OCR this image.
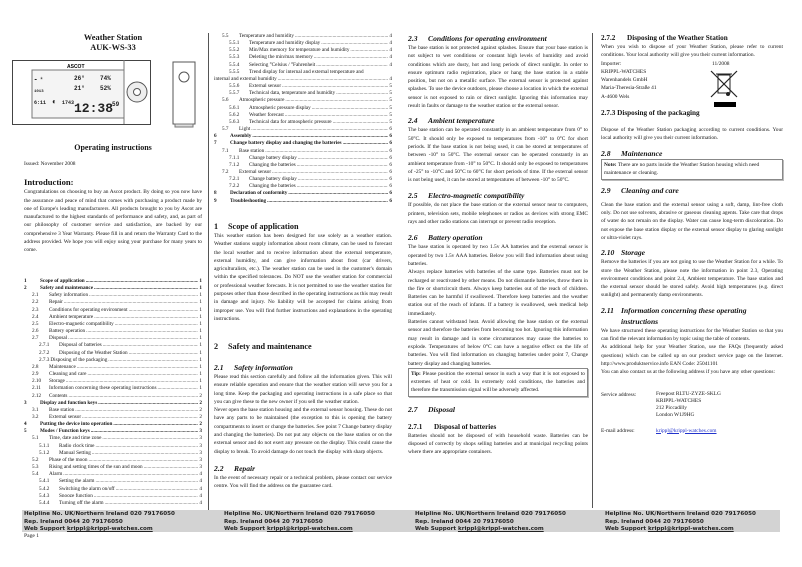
Weather Station
AUK-WS-33
ASCOT
☁ ☀	26°	74%
21°	52%
1013
6:11 ◐ 1743 12:38
59
Operating instructions
Issued: November 2008
Introduction:

Congratulations on choosing to buy an Ascot product. By doing so you now have the assurance and peace of mind that comes with purchasing a product made by one of Europe's leading manufacturers. All products brought to you by Ascot are manufactured to the highest standards of performance and safety, and, as part of our philosophy of customer service and satisfaction, are backed by our comprehensive 3 Year Warranty. Please fill in and return the Warranty Card to the address provided. We hope you will enjoy using your purchase for many years to come.

1	Scope of application .....	1
2	Safety and maintenance .....	1
2.1	Safety information .....	1
2.2	Repair .....	1
2.3	Conditions for operating environment .....	1
2.4	Ambient temperature .....	1
2.5	Electro-magnetic compatibility .....	1
2.6	Battery operation .....	1
2.7	Disposal .....	1
2.7.1	Disposal of batteries .....	1
2.7.2	Disposing of the Weather Station .....	1
2.7.3 Disposing of the packaging .....	1
2.8	Maintenance .....	1
2.9	Cleaning and care .....	1
2.10	Storage .....	1
2.11	Information concerning these operating instructions .....	1
2.12	Contents .....	2
3	Display and function keys .....	2
3.1	Base station .....	2
3.2	External sensor .....	2
4	Putting the device into operation .....	2
5	Modes / Function keys .....	3
5.1	Time, date and time zone .....	3
5.1.1	Radio clock time .....	3
5.1.2	Manual Setting .....	3
5.2	Phase of the moon .....	3
5.3	Rising and setting times of the sun and moon .....	3
5.4	Alarm .....	4
5.4.1	Setting the alarm .....	4
5.4.2	Switching the alarm on/off .....	4
5.4.3	Snooze function .....	4
5.4.4	Turning off the alarm .....	4
5.5	Temperature and humidity .....	4
5.5.1	Temperature and humidity display .....	4
5.5.2	Min/Max memory for temperature and humidity .....	4
5.5.3	Deleting the min/max memory .....	4
5.5.4	Selecting °Celsius / °Fahrenheit .....	4
5.5.5	Trend display for internal and external temperature and
internal and external humidity .....	4
5.5.6	External sensor .....	5
5.5.7	Technical data, temperature and humidity .....	5
5.6	Atmospheric pressure .....	5
5.6.1	Atmospheric pressure display .....	5
5.6.2	Weather forecast .....	5
5.6.3	Technical data for atmospheric pressure .....	5
5.7	Light .....	6
6	Assembly .....	6
7	Change battery display and changing the batteries .....	6
7.1	Base station .....	6
7.1.1	Change battery display .....	6
7.1.2	Changing the batteries .....	6
7.2	External sensor .....	6
7.2.1	Change battery display .....	6
7.2.2	Changing the batteries .....	6
8	Declaration of conformity .....	6
9	Troubleshooting .....	6
1 Scope of application

This weather station has been designed for use solely as a weather station. Weather stations supply information about room climate, can be used to forecast the local weather and to receive information about the external temperature, external humidity, and can give information about frost (car drivers, agriculturalists, etc.). The weather station can be used in the customer's domain within the specified tolerances. Do NOT use the weather station for commercial or professional weather forecasts. It is not permitted to use the weather station for purposes other than those described in the operating instructions as this may result in damage and injury. No liability will be accepted for claims arising from improper use. You will find further instructions and explanations in the operating instructions.

2 Safety and maintenance
2.1 Safety information

Please read this section carefully and follow all the information given. This will ensure reliable operation and ensure that the weather station will serve you for a long time. Keep the packaging and operating instructions in a safe place so that you can give these to the new owner if you sell the weather station.

Never open the base station housing and the external sensor housing. These do not have any parts to be maintained (the exception to this is opening the battery compartments to insert or change the batteries. See point 7 Change battery display and changing the batteries). Do not put any objects on the base station or on the external sensor and do not exert any pressure on the display. This could cause the display to break. To avoid damage do not touch the display with sharp objects.

2.2 Repair

In the event of necessary repair or a technical problem, please contact our service centre. You will find the address on the guarantee card.

2.3 Conditions for operating environment

The base station is not protected against splashes. Ensure that your base station is not subject to wet conditions or constant high levels of humidity and avoid conditions which are dusty, hot and long periods of direct sunlight. In order to ensure optimum radio registration, place or hang the base station in a stable position, but not on a metallic surface. The external sensor is protected against splashes. To use the device outdoors, please choose a location in which the external sensor is not exposed to rain or direct sunlight. Ignoring this information may result in faults or damage to the weather station or the external sensor.

2.4 Ambient temperature

The base station can be operated constantly in an ambient temperature from 0° to 50°C. It should only be exposed to temperatures from -10° to 0°C for short periods. If the base station is not being used, it can be stored at temperatures of between -10° to 50°C. The external sensor can be operated constantly in an ambient temperature from -10° to 50°C. It should only be exposed to temperatures of -25° to -10°C and 50°C to 60°C for short periods of time. If the external sensor is not being used, it can be stored at temperatures of between -10° to 50°C.

2.5 Electro-magnetic compatibility

If possible, do not place the base station or the external sensor near to computers, printers, television sets, mobile telephones or radios as devices with strong EMC rays and other radio stations can interrupt or prevent radio reception.

2.6 Battery operation

The base station is operated by two 1.5v AA batteries and the external sensor is operated by two 1.5v AAA batteries. Below you will find information about using batteries.

Always replace batteries with batteries of the same type. Batteries must not be recharged or reactivated by other means. Do not dismantle batteries, throw them in the fire or shortcircuit them. Always keep batteries out of the reach of children. Batteries can be harmful if swallowed. Therefore keep batteries and the weather station out of the reach of infants. If a battery is swallowed, seek medical help immediately.

Batteries cannot withstand heat. Avoid allowing the base station or the external sensor and therefore the batteries from becoming too hot. Ignoring this information may result in damage and in some circumstances may cause the batteries to explode. Temperatures of below 0°C can have a negative effect on the life of batteries. You will find information on changing batteries under point 7, Change battery display and changing batteries.

Tip: Please position the external sensor in such a way that it is not exposed to extremes of heat or cold. In extremely cold conditions, the batteries and therefore the transmission signal will be adversely affected.
2.7 Disposal
2.7.1 Disposal of batteries

Batteries should not be disposed of with household waste. Batteries can be disposed of correctly by shops selling batteries and at municipal recycling points where there are appropriate containers.

2.7.2 Disposing of the Weather Station

When you wish to dispose of your Weather Station, please refer to current conditions. Your local authority will give you their current information.

Importer:
KRIPPL-WATCHES
Warenhandels GmbH
Maria-Theresia-Straße 41
A-4600 Wels
11/2008
2.7.3 Disposing of the packaging

Dispose of the Weather Station packaging according to current conditions. Your local authority will give you their current information.

2.8 Maintenance
Note: There are no parts inside the Weather Station housing which need maintenance or cleaning.
2.9 Cleaning and care

Clean the base station and the external sensor using a soft, damp, lint-free cloth only. Do not use solvents, abrasive or gaseous cleaning agents. Take care that drops of water do not remain on the display. Water can cause long-term discoloration. Do not expose the base station display or the external sensor display to glaring sunlight or ultra-violet rays.

2.10 Storage

Remove the batteries if you are not going to use the Weather Station for a while. To store the Weather Station, please note the information in point 2.3, Operating environment conditions and point 2.4, Ambient temperature. The base station and the external sensor should be stored safely. Avoid high temperatures (e.g. direct sunlight) and permanently damp environments.

2.11 Information concerning these operating instructions

We have structured these operating instructions for the Weather Station so that you can find the relevant information by topic using the table of contents.

As additional help for your Weather Station, use the FAQs (frequently asked questions) which can be called up on our product service page on the Internet. http://www.produktservice.info EAN Code: 25041101

You can also contact us at the following address if you have any other questions:

Service address:	Freepost RLTU-ZYZE-SKLG
KRIPPL-WATCHES
212 Piccadilly
London W1J9HG
E-mail address:	krippl@krippl-watches.com
Helpline No. UK/Northern Ireland 020 79176050
Rep. Ireland 0044 20 79176050
Web Support krippl@krippl-watches.com
Helpline No. UK/Northern Ireland 020 79176050
Rep. Ireland 0044 20 79176050
Web Support krippl@krippl-watches.com
Helpline No. UK/Northern Ireland 020 79176050
Rep. Ireland 0044 20 79176050
Web Support krippl@krippl-watches.com
Helpline No. UK/Northern Ireland 020 79176050
Rep. Ireland 0044 20 79176050
Web Support krippl@krippl-watches.com
Page 1
